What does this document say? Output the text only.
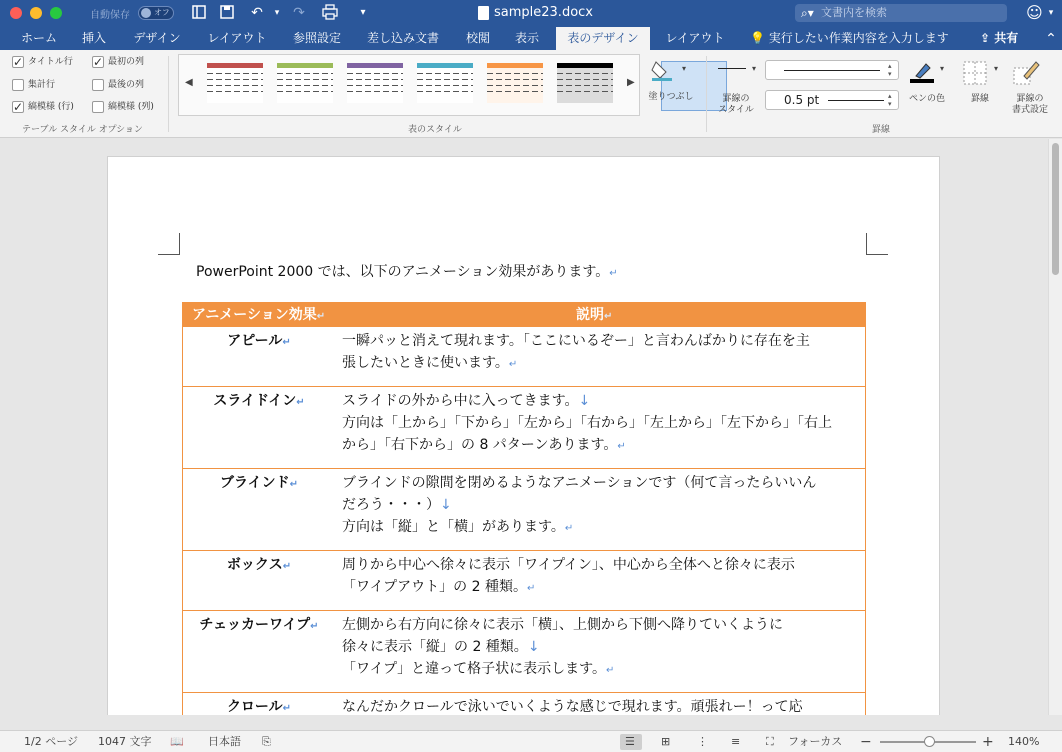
自動保存	オフ	↶	▾ ↷	▾	sample23.docx	⌕▾ 文書内を検索	☺ ▾
ホーム	挿入	デザイン	レイアウト	参照設定	差し込み文書	校閲	表示	表のデザイン	レイアウト	💡 実行したい作業内容を入力します	⇪ 共有 ⌃
✓タイトル行 ✓	最初の列
集計行	最後の列
✓縞模様 (行)	縞模様 (列)
テーブル スタイル オプション
◀	▶
表のスタイル
▾
塗りつぶし
▾
罫線の
スタイル
▴
▾
0.5 pt	▴
▾
▾
ペンの色
▾
罫線	罫線の
書式設定
罫線
PowerPoint 2000 では、以下のアニメーション効果があります。↵
アニメーション効果↵	説明↵
アピール↵	一瞬パッと消えて現れます。「ここにいるぞー」と言わんばかりに存在を主
張したいときに使います。↵

スライドイン↵	スライドの外から中に入ってきます。↓
方向は「上から」「下から」「左から」「右から」「左上から」「左下から」「右上
から」「右下から」の 8 パターンあります。↵

ブラインド↵	ブラインドの隙間を閉めるようなアニメーションです（何て言ったらいいん
だろう・・・）↓
方向は「縦」と「横」があります。↵

ボックス↵	周りから中心へ徐々に表示「ワイプイン」、中心から全体へと徐々に表示
「ワイプアウト」の 2 種類。↵

チェッカーワイプ↵	左側から右方向に徐々に表示「横」、上側から下側へ降りていくように
徐々に表示「縦」の 2 種類。↓
「ワイプ」と違って格子状に表示します。↵

クロール↵	なんだかクロールで泳いでいくような感じで現れます。頑張れー！って応
1/2 ページ 1047 文字 📖 日本語 ⎘	☰ ⊞ ⋮ ≡ ⛶ フォーカス −	+ 140%
